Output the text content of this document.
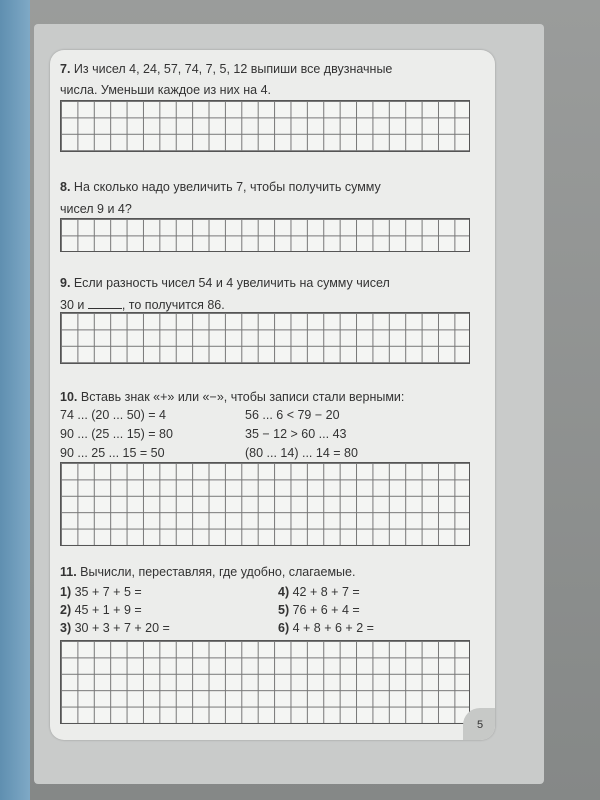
7. Из чисел 4, 24, 57, 74, 7, 5, 12 выпиши все двузначные
числа. Уменьши каждое из них на 4.
8. На сколько надо увеличить 7, чтобы получить сумму
чисел 9 и 4?
9. Если разность чисел 54 и 4 увеличить на сумму чисел
30 и	, то получится 86.
10. Вставь знак «+» или «−», чтобы записи стали верными:
74 ... (20 ... 50) = 4
90 ... (25 ... 15) = 80
90 ... 25 ... 15 = 50
56 ... 6 < 79 − 20
35 − 12 > 60 ... 43
(80 ... 14) ... 14 = 80
11. Вычисли, переставляя, где удобно, слагаемые.
1) 35 + 7 + 5 =
2) 45 + 1 + 9 =
3) 30 + 3 + 7 + 20 =
4) 42 + 8 + 7 =
5) 76 + 6 + 4 =
6) 4 + 8 + 6 + 2 =
5
